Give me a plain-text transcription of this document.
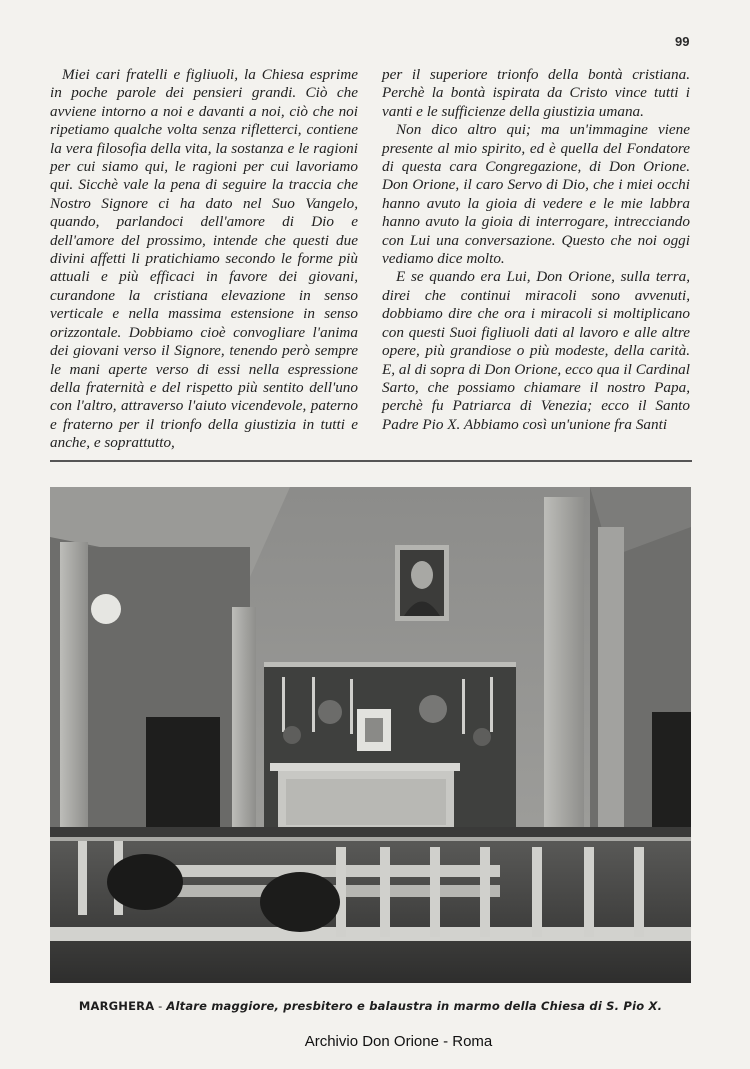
99

Miei cari fratelli e figliuoli, la Chiesa esprime in poche parole dei pensieri grandi. Ciò che avviene intorno a noi e davanti a noi, ciò che noi ripetiamo qualche volta senza rifletterci, contiene la vera filosofia della vita, la sostanza e le ragioni per cui siamo qui, le ragioni per cui lavoriamo qui. Sicchè vale la pena di seguire la traccia che Nostro Signore ci ha dato nel Suo Vangelo, quando, parlandoci dell'amore di Dio e dell'amore del prossimo, intende che questi due divini affetti li pratichiamo secondo le forme più attuali e più efficaci in favore dei giovani, curandone la cristiana elevazione in senso verticale e nella massima estensione in senso orizzontale. Dobbiamo cioè convogliare l'anima dei giovani verso il Signore, tenendo però sempre le mani aperte verso di essi nella espressione della fraternità e del rispetto più sentito dell'uno con l'altro, attraverso l'aiuto vicendevole, paterno e fraterno per il trionfo della giustizia in tutti e anche, e soprattutto,

per il superiore trionfo della bontà cristiana. Perchè la bontà ispirata da Cristo vince tutti i vanti e le sufficienze della giustizia umana.

Non dico altro qui; ma un'immagine viene presente al mio spirito, ed è quella del Fondatore di questa cara Congregazione, di Don Orione. Don Orione, il caro Servo di Dio, che i miei occhi hanno avuto la gioia di vedere e le mie labbra hanno avuto la gioia di interrogare, intrecciando con Lui una conversazione. Questo che noi oggi vediamo dice molto.

E se quando era Lui, Don Orione, sulla terra, direi che continui miracoli sono avvenuti, dobbiamo dire che ora i miracoli si moltiplicano con questi Suoi figliuoli dati al lavoro e alle altre opere, più grandiose o più modeste, della carità. E, al di sopra di Don Orione, ecco qua il Cardinal Sarto, che possiamo chiamare il nostro Papa, perchè fu Patriarca di Venezia; ecco il Santo Padre Pio X. Abbiamo così un'unione fra Santi

MARGHERA - Altare maggiore, presbitero e balaustra in marmo della Chiesa di S. Pio X.
Archivio Don Orione - Roma
